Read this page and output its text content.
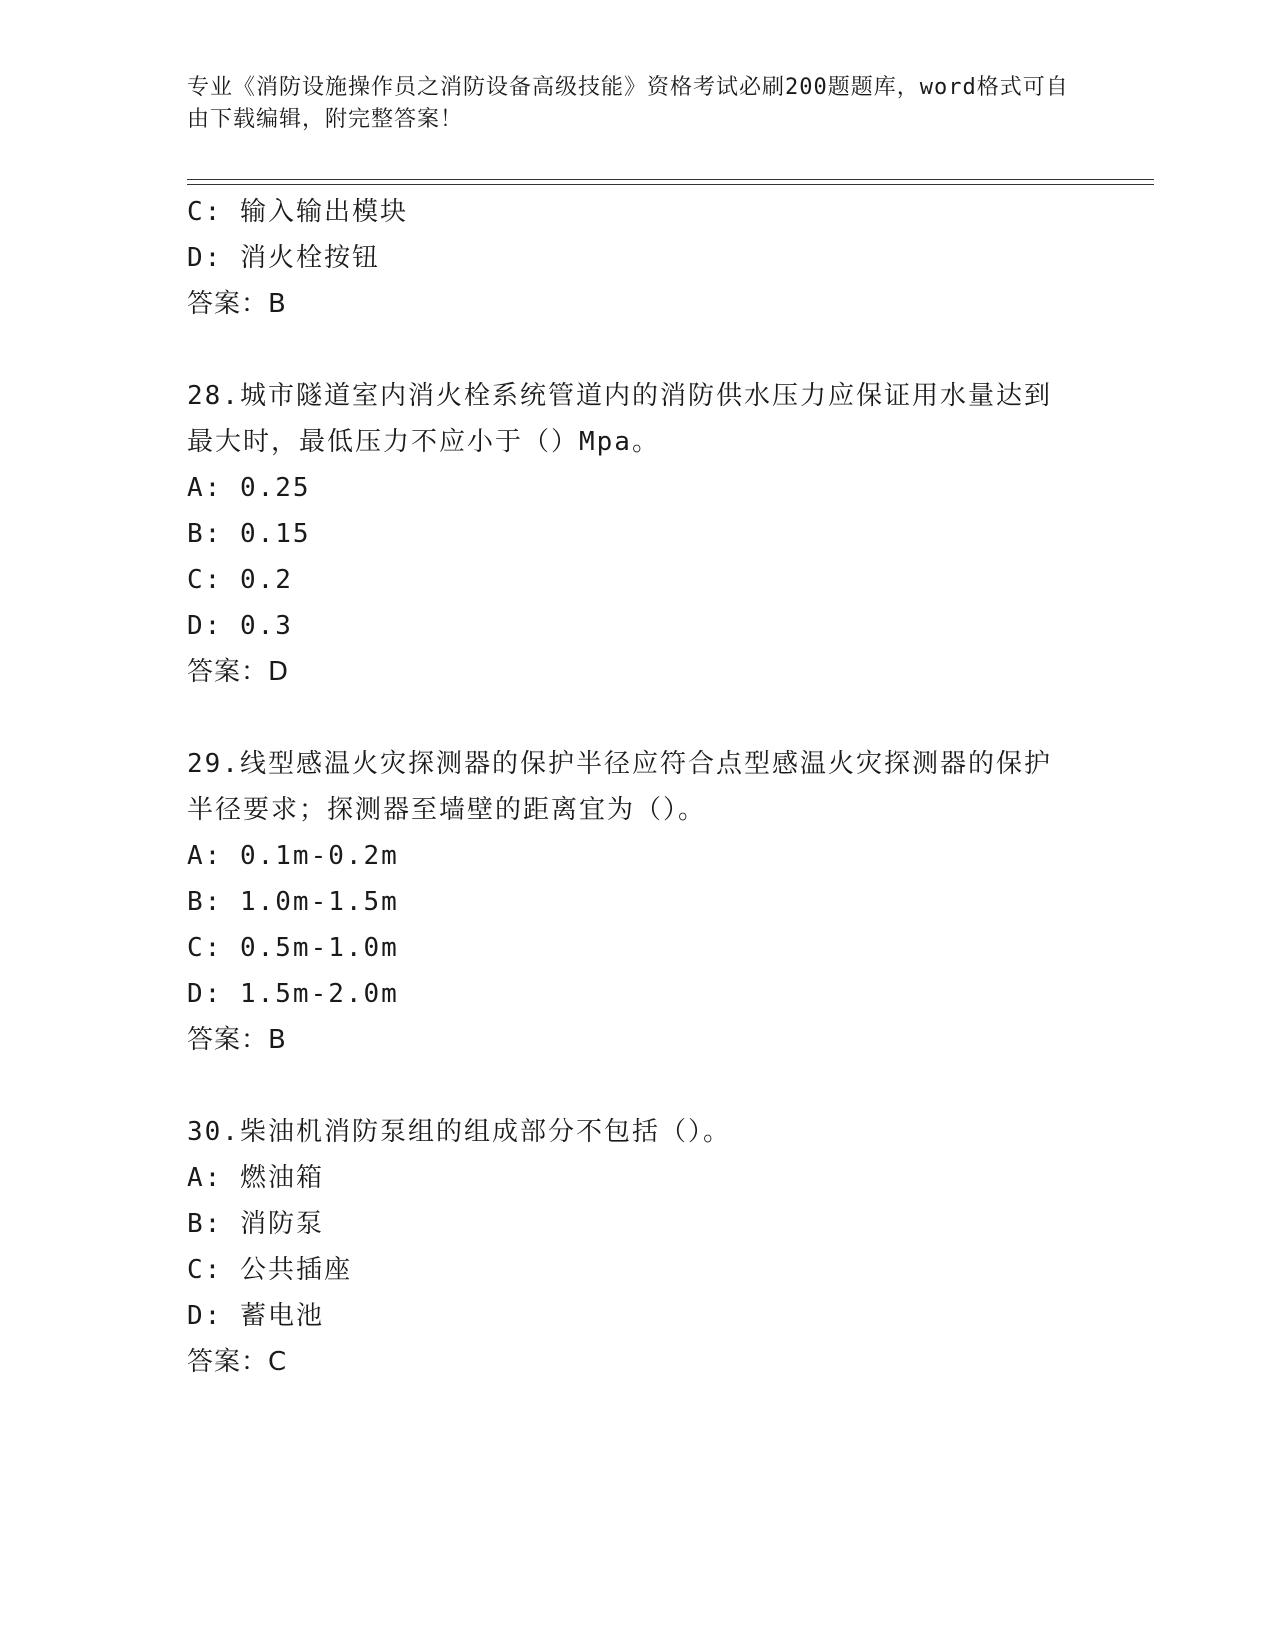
专业《消防设施操作员之消防设备高级技能》资格考试必刷200题题库，word格式可自由下载编辑，附完整答案！

C: 输入输出模块
D: 消火栓按钮
答案：B
28.城市隧道室内消火栓系统管道内的消防供水压力应保证用水量达到
最大时，最低压力不应小于（）Mpa。
A: 0.25
B: 0.15
C: 0.2
D: 0.3
答案：D
29.线型感温火灾探测器的保护半径应符合点型感温火灾探测器的保护
半径要求；探测器至墙壁的距离宜为（）。
A: 0.1m-0.2m
B: 1.0m-1.5m
C: 0.5m-1.0m
D: 1.5m-2.0m
答案：B
30.柴油机消防泵组的组成部分不包括（）。
A: 燃油箱
B: 消防泵
C: 公共插座
D: 蓄电池
答案：C
